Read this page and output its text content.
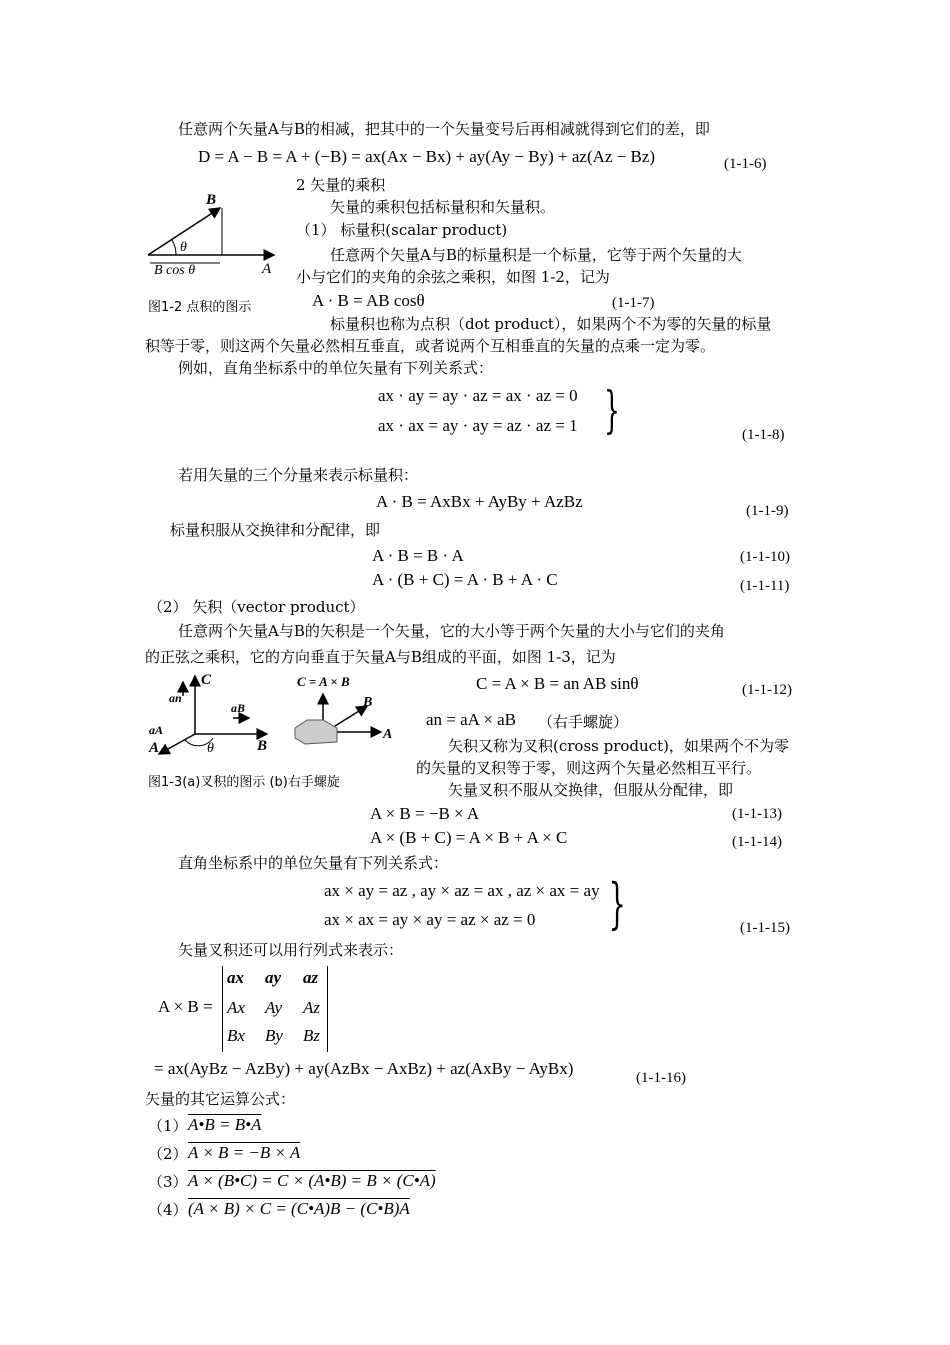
任意两个矢量A与B的相减，把其中的一个矢量变号后再相减就得到它们的差，即
D = A − B = A + (−B) = ax(Ax − Bx) + ay(Ay − By) + az(Az − Bz)	(1-1-6)
2 矢量的乘积
矢量的乘积包括标量积和矢量积。
（1） 标量积(scalar product)
B
A
θ
B cos θ
图1-2 点积的图示
任意两个矢量A与B的标量积是一个标量，它等于两个矢量的大
小与它们的夹角的余弦之乘积，如图 1-2，记为
A · B = AB cosθ	(1-1-7)
标量积也称为点积（dot product），如果两个不为零的矢量的标量
积等于零，则这两个矢量必然相互垂直，或者说两个互相垂直的矢量的点乘一定为零。
例如，直角坐标系中的单位矢量有下列关系式：
ax · ay = ay · az = ax · az = 0
ax · ax = ay · ay = az · az = 1 }	(1-1-8)
若用矢量的三个分量来表示标量积：
A · B = AxBx + AyBy + AzBz	(1-1-9)
标量积服从交换律和分配律，即
A · B = B · A	(1-1-10)
A · (B + C) = A · B + A · C	(1-1-11)
（2） 矢积（vector product）
任意两个矢量A与B的矢积是一个矢量，它的大小等于两个矢量的大小与它们的夹角
的正弦之乘积，它的方向垂直于矢量A与B组成的平面，如图 1-3，记为
C = A × B = an AB sinθ	(1-1-12)
an = aA × aB （右手螺旋）
C
an
aB
aA
A	B
θ
C = A × B
B
A
图1-3(a)叉积的图示 (b)右手螺旋
矢积又称为叉积(cross product)，如果两个不为零
的矢量的叉积等于零，则这两个矢量必然相互平行。
矢量叉积不服从交换律，但服从分配律，即
A × B = −B × A	(1-1-13)
A × (B + C) = A × B + A × C	(1-1-14)
直角坐标系中的单位矢量有下列关系式：
ax × ay = az , ay × az = ax , az × ax = ay
ax × ax = ay × ay = az × az = 0 }	(1-1-15)
矢量叉积还可以用行列式来表示：
A × B =
ax ay az
Ax Ay Az
Bx By Bz
= ax(AyBz − AzBy) + ay(AzBx − AxBz) + az(AxBy − AyBx)	(1-1-16)
矢量的其它运算公式：
（1） A•B = B•A
（2） A × B = −B × A
（3） A × (B•C) = C × (A•B) = B × (C•A)
（4） (A × B) × C = (C•A)B − (C•B)A
